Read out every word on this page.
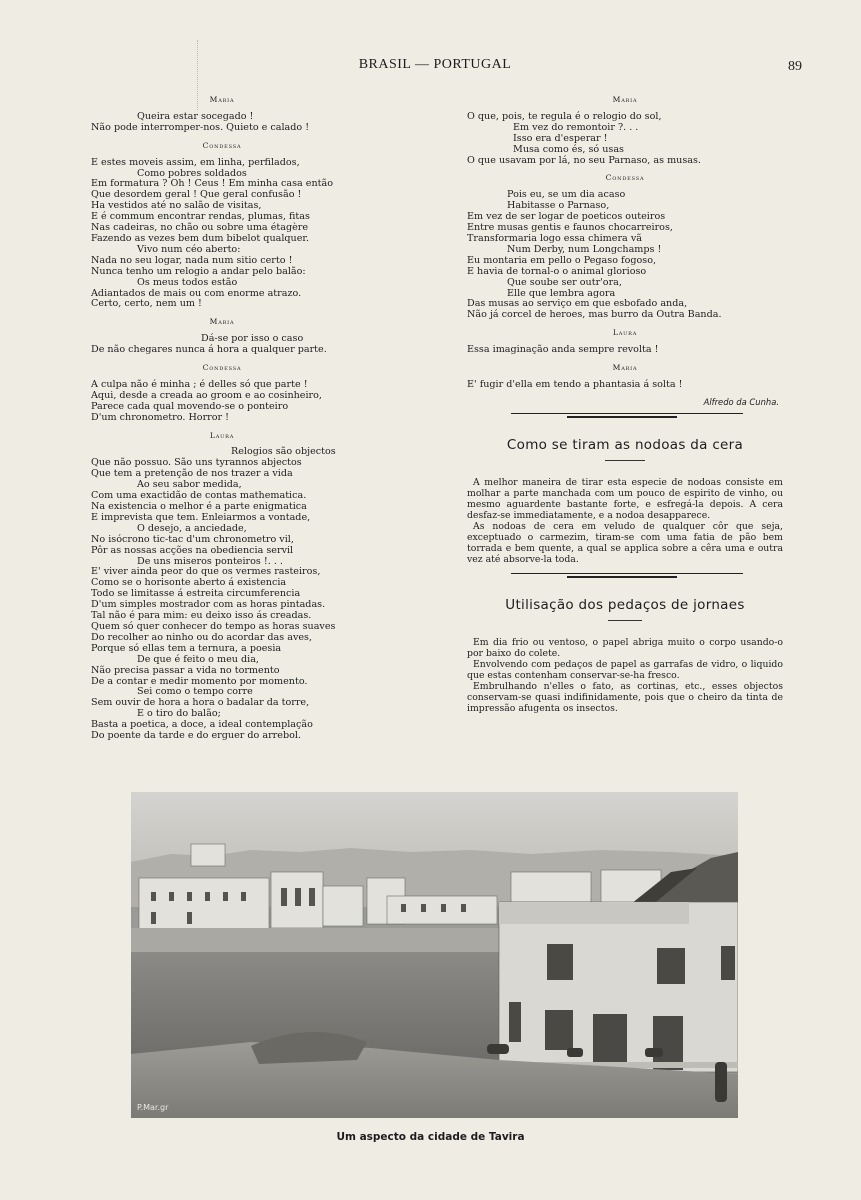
BRASIL — PORTUGAL	89
Maria
Queira estar socegado !
Não pode interromper-nos. Quieto e calado !
Condessa
E estes moveis assim, em linha, perfilados,
Como pobres soldados
Em formatura ? Oh ! Ceus ! Em minha casa então
Que desordem geral ! Que geral confusão !
Ha vestidos até no salão de visitas,
E é commum encontrar rendas, plumas, fitas
Nas cadeiras, no chão ou sobre uma étagère
Fazendo as vezes bem dum bibelot qualquer.
Vivo num céo aberto:
Nada no seu logar, nada num sitio certo !
Nunca tenho um relogio a andar pelo balão:
Os meus todos estão
Adiantados de mais ou com enorme atrazo.
Certo, certo, nem um !
Maria
Dá-se por isso o caso
De não chegares nunca á hora a qualquer parte.
Condessa
A culpa não é minha ; é delles só que parte !
Aqui, desde a creada ao groom e ao cosinheiro,
Parece cada qual movendo-se o ponteiro
D'um chronometro. Horror !
Laura
Relogios são objectos
Que não possuo. São uns tyrannos abjectos
Que tem a pretenção de nos trazer a vida
Ao seu sabor medida,
Com uma exactidão de contas mathematica.
Na existencia o melhor é a parte enigmatica
E imprevista que tem. Enleiarmos a vontade,
O desejo, a anciedade,
No isócrono tic-tac d'um chronometro vil,
Pôr as nossas acções na obediencia servil
De uns miseros ponteiros !. . .
E' viver ainda peor do que os vermes rasteiros,
Como se o horisonte aberto á existencia
Todo se limitasse á estreita circumferencia
D'um simples mostrador com as horas pintadas.
Tal não é para mim: eu deixo isso ás creadas.
Quem só quer conhecer do tempo as horas suaves
Do recolher ao ninho ou do acordar das aves,
Porque só ellas tem a ternura, a poesia
De que é feito o meu dia,
Não precisa passar a vida no tormento
De a contar e medir momento por momento.
Sei como o tempo corre
Sem ouvir de hora a hora o badalar da torre,
E o tiro do balão;
Basta a poetica, a doce, a ideal contemplação
Do poente da tarde e do erguer do arrebol.
Maria
O que, pois, te regula é o relogio do sol,
Em vez do remontoir ?. . .
Isso era d'esperar !
Musa como és, só usas
O que usavam por lá, no seu Parnaso, as musas.
Condessa
Pois eu, se um dia acaso
Habitasse o Parnaso,
Em vez de ser logar de poeticos outeiros
Entre musas gentis e faunos chocarreiros,
Transformaria logo essa chimera vã
Num Derby, num Longchamps !
Eu montaria em pello o Pegaso fogoso,
E havia de tornal-o o animal glorioso
Que soube ser outr'ora,
Elle que lembra agora
Das musas ao serviço em que esbofado anda,
Não já corcel de heroes, mas burro da Outra Banda.
Laura
Essa imaginação anda sempre revolta !
Maria
E' fugir d'ella em tendo a phantasia á solta !
Alfredo da Cunha.
Como se tiram as nodoas da cera

A melhor maneira de tirar esta especie de nodoas consiste em molhar a parte manchada com um pouco de espirito de vinho, ou mesmo aguardente bastante forte, e esfregá-la depois. A cera desfaz-se immediatamente, e a nodoa desapparece.

As nodoas de cera em veludo de qualquer côr que seja, exceptuado o carmezim, tiram-se com uma fatia de pão bem torrada e bem quente, a qual se applica sobre a cêra uma e outra vez até absorve-la toda.

Utilisação dos pedaços de jornaes

Em dia frio ou ventoso, o papel abriga muito o corpo usando-o por baixo do colete.

Envolvendo com pedaços de papel as garrafas de vidro, o liquido que estas contenham conservar-se-ha fresco.

Embrulhando n'elles o fato, as cortinas, etc., esses objectos conservam-se quasi indifinidamente, pois que o cheiro da tinta de impressão afugenta os insectos.

P.Mar.gr
Um aspecto da cidade de Tavira
